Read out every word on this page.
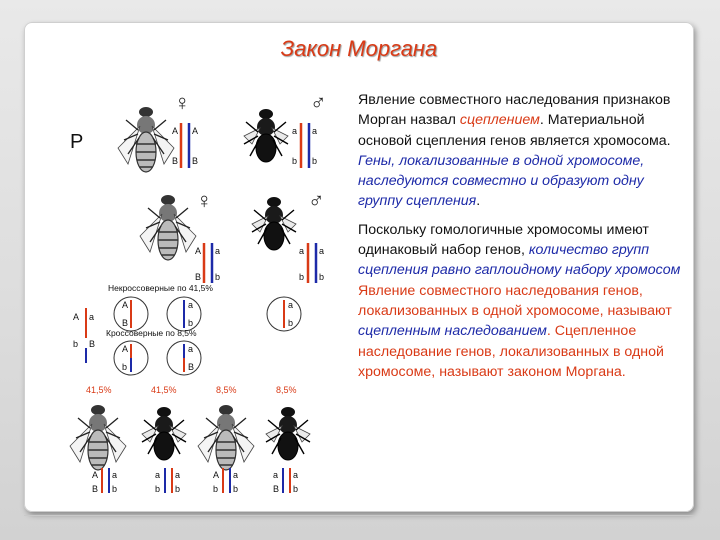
Закон Моргана
P
♀
A A
B B
♂
a a
b b
♀
A a
B b
♂
a a
b b
Некроссоверные по 41,5%
Кроссоверные по 8,5%
A a
b B
A
B
a
b
a
b
A
b
a
B
41,5%	41,5%	8,5%	8,5%
A a
B b
a a
b b
A a
b b
a a
B b

Явление совместного наследования признаков Морган назвал сцеплением. Материальной основой сцепления генов является хромосома. Гены, локализованные в одной хромосоме, наследуются совместно и образуют одну группу сцепления.

Поскольку гомологичные хромосомы имеют одинаковый набор генов, количество групп сцепления равно гаплоидному набору хромосом Явление совместного наследования генов, локализованных в одной хромосоме, называют сцепленным наследованием. Сцепленное наследование генов, локализованных в одной хромосоме, называют законом Моргана.
